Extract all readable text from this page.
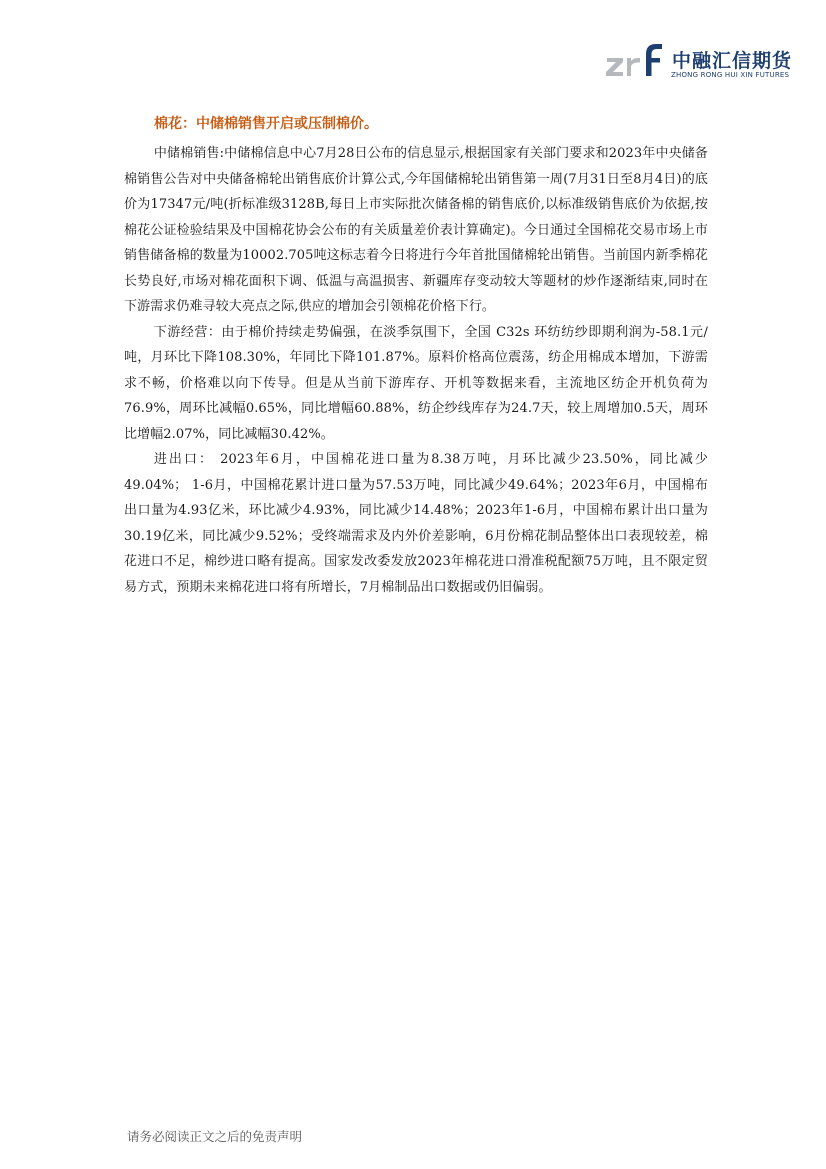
中融汇信期货
ZHONG RONG HUI XIN FUTURES
棉花：中储棉销售开启或压制棉价。

中储棉销售:中储棉信息中心7月28日公布的信息显示,根据国家有关部门要求和2023年中央储备棉销售公告对中央储备棉轮出销售底价计算公式,今年国储棉轮出销售第一周(7月31日至8月4日)的底价为17347元/吨(折标准级3128B,每日上市实际批次储备棉的销售底价,以标准级销售底价为依据,按棉花公证检验结果及中国棉花协会公布的有关质量差价表计算确定)。今日通过全国棉花交易市场上市销售储备棉的数量为10002.705吨这标志着今日将进行今年首批国储棉轮出销售。当前国内新季棉花长势良好,市场对棉花面积下调、低温与高温损害、新疆库存变动较大等题材的炒作逐渐结束,同时在下游需求仍难寻较大亮点之际,供应的增加会引领棉花价格下行。

下游经营：由于棉价持续走势偏强，在淡季氛围下，全国 C32s 环纺纺纱即期利润为-58.1元/吨，月环比下降108.30%，年同比下降101.87%。原料价格高位震荡，纺企用棉成本增加，下游需求不畅，价格难以向下传导。但是从当前下游库存、开机等数据来看，主流地区纺企开机负荷为76.9%，周环比减幅0.65%，同比增幅60.88%，纺企纱线库存为24.7天，较上周增加0.5天，周环比增幅2.07%，同比减幅30.42%。

进出口： 2023年6月，中国棉花进口量为8.38万吨，月环比减少23.50%，同比减少49.04%； 1-6月，中国棉花累计进口量为57.53万吨，同比减少49.64%；2023年6月，中国棉布出口量为4.93亿米，环比减少4.93%，同比减少14.48%；2023年1-6月，中国棉布累计出口量为30.19亿米，同比减少9.52%；受终端需求及内外价差影响，6月份棉花制品整体出口表现较差，棉花进口不足，棉纱进口略有提高。国家发改委发放2023年棉花进口滑准税配额75万吨，且不限定贸易方式，预期未来棉花进口将有所增长，7月棉制品出口数据或仍旧偏弱。

请务必阅读正文之后的免责声明
